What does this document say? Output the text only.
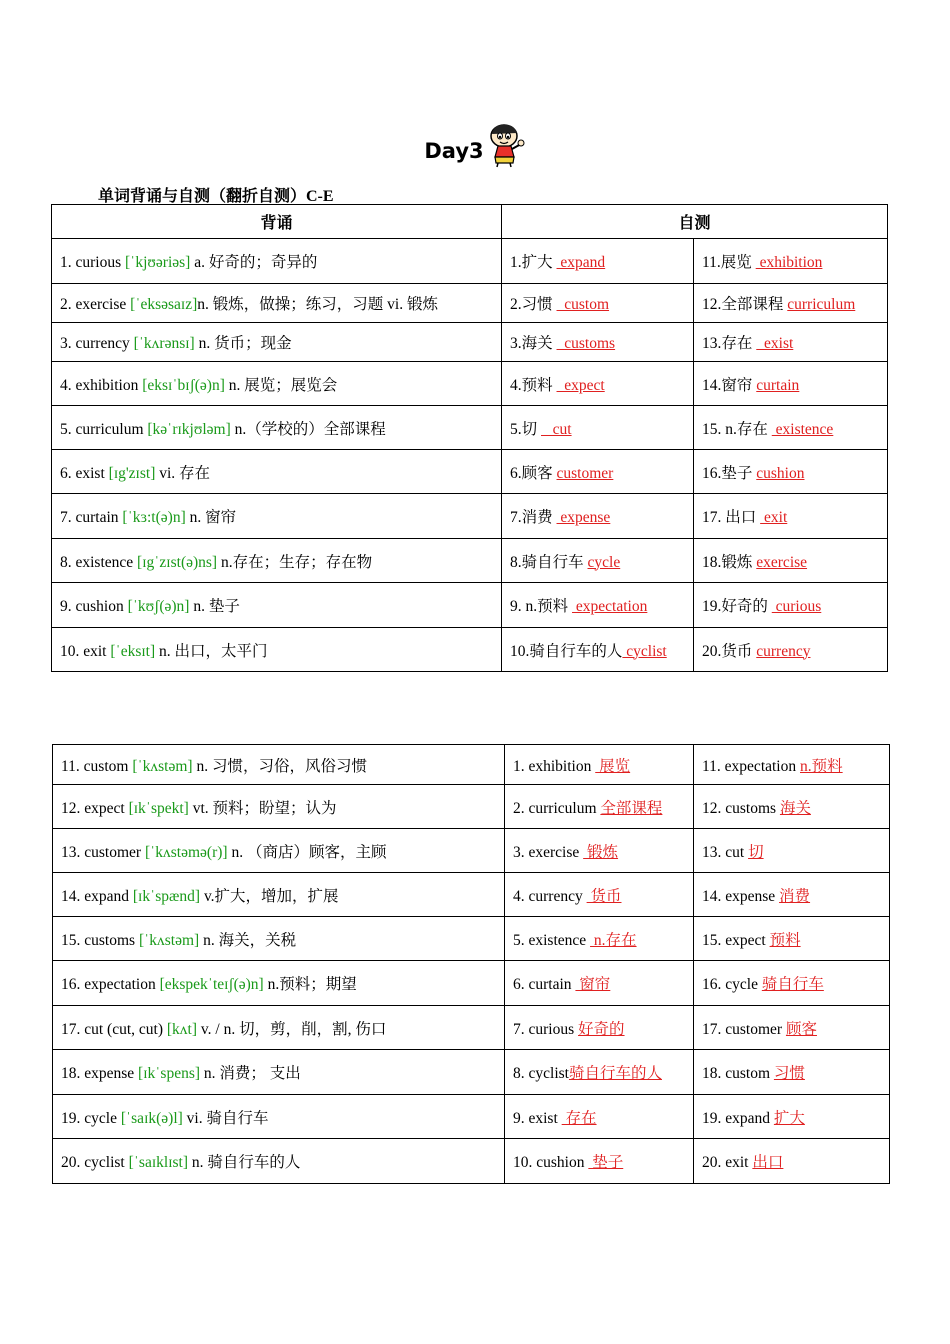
Day3
单词背诵与自测（翻折自测）C-E
背诵	自测	
1. curious [ˈkjʊəriəs] a. 好奇的；奇异的	1.扩大  expand	11.展览  exhibition
2. exercise [ˈeksəsaɪz]n. 锻炼，做操；练习，习题 vi. 锻炼	2.习惯   custom	12.全部课程 curriculum
3. currency [ˈkʌrənsɪ] n. 货币；现金	3.海关   customs	13.存在   exist
4. exhibition [eksɪˈbɪʃ(ə)n] n. 展览；展览会	4.预料   expect	14.窗帘 curtain
5. curriculum [kəˈrɪkjʊləm] n.（学校的）全部课程	5.切    cut	15. n.存在  existence
6. exist [ɪg'zɪst] vi. 存在	6.顾客 customer	16.垫子 cushion
7. curtain [ˈkɜ:t(ə)n] n. 窗帘	7.消费  expense	17. 出口  exit
8. existence [ɪgˈzɪst(ə)ns] n.存在；生存；存在物	8.骑自行车 cycle	18.锻炼 exercise
9. cushion [ˈkʊʃ(ə)n] n. 垫子	9. n.预料  expectation	19.好奇的  curious
10. exit [ˈeksɪt] n. 出口，太平门	10.骑自行车的人 cyclist	20.货币 currency
11. custom [ˈkʌstəm] n. 习惯，习俗，风俗习惯	1. exhibition  展览	11. expectation n.预料
12. expect [ɪkˈspekt] vt. 预料；盼望；认为	2. curriculum 全部课程	12. customs 海关
13. customer [ˈkʌstəmə(r)] n. （商店）顾客，主顾	3. exercise  锻炼	13. cut 切
14. expand [ɪkˈspænd] v.扩大，增加，扩展	4. currency  货币	14. expense 消费
15. customs [ˈkʌstəm] n. 海关，关税	5. existence  n.存在	15. expect 预料
16. expectation [ekspekˈteɪʃ(ə)n] n.预料；期望	6. curtain  窗帘	16. cycle 骑自行车
17. cut (cut, cut) [kʌt] v. / n. 切，剪，削，割, 伤口	7. curious 好奇的	17. customer 顾客
18. expense [ɪkˈspens] n. 消费； 支出	8. cyclist骑自行车的人	18. custom 习惯
19. cycle [ˈsaɪk(ə)l] vi. 骑自行车	9. exist  存在	19. expand 扩大
20. cyclist [ˈsaɪklɪst] n. 骑自行车的人	10. cushion  垫子	20. exit 出口
